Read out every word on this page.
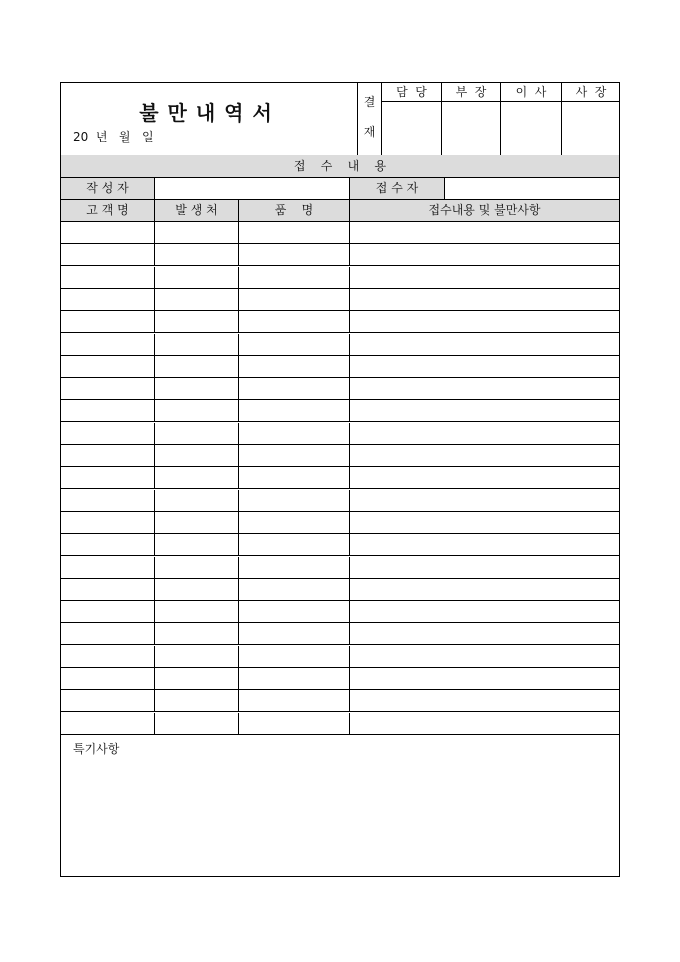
불만내역서
20  년   월   일
결
재
담  당	부  장	이  사	사  장
접    수    내    용
작 성 자	접 수 자
고 객 명	발 생 처	품    명	접수내용 및 불만사항
특기사항
